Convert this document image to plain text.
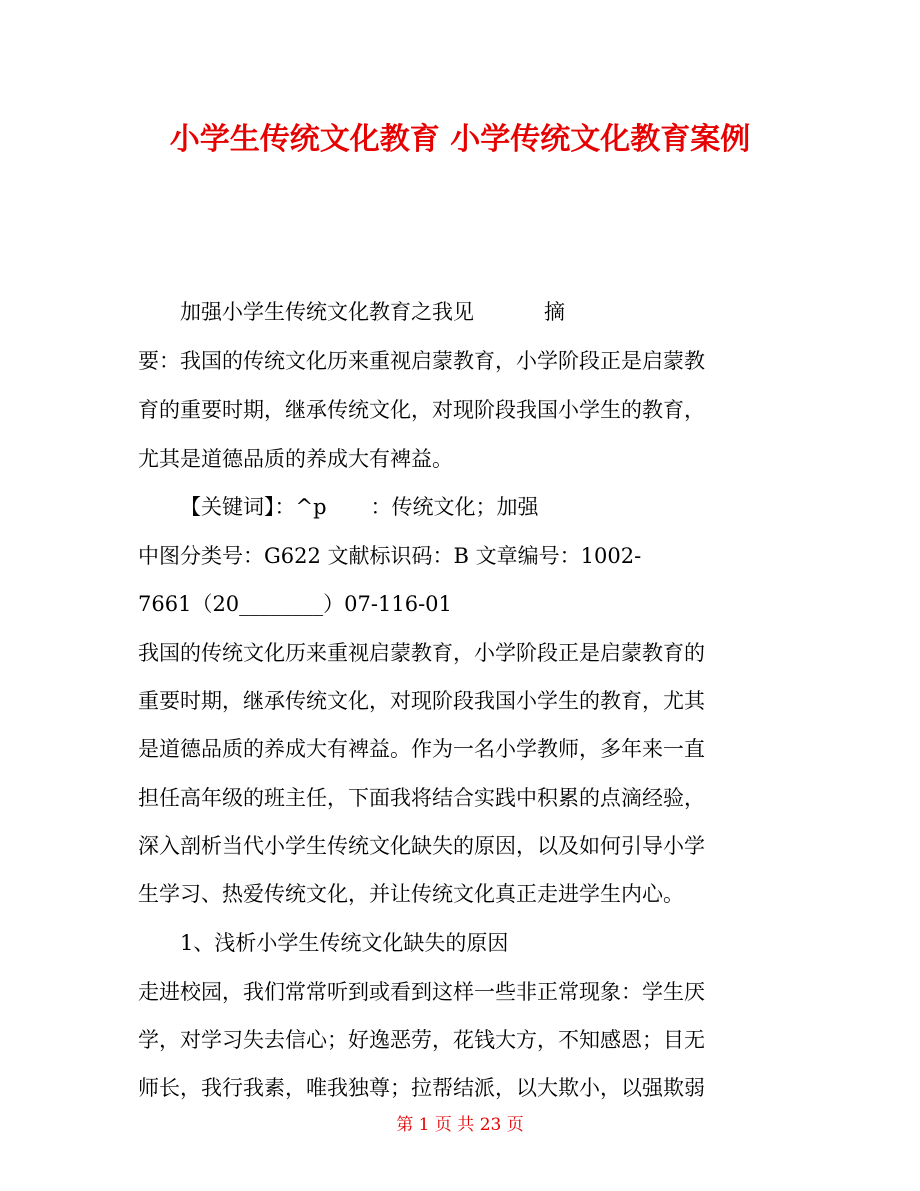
小学生传统文化教育 小学传统文化教育案例
加强小学生传统文化教育之我见	摘
要：我国的传统文化历来重视启蒙教育，小学阶段正是启蒙教
育的重要时期，继承传统文化，对现阶段我国小学生的教育，
尤其是道德品质的养成大有裨益。
【关键词】：^p ：传统文化；加强
中图分类号：G622 文献标识码：B 文章编号：1002-
7661（20________）07-116-01
我国的传统文化历来重视启蒙教育，小学阶段正是启蒙教育的
重要时期，继承传统文化，对现阶段我国小学生的教育，尤其
是道德品质的养成大有裨益。作为一名小学教师，多年来一直
担任高年级的班主任，下面我将结合实践中积累的点滴经验，
深入剖析当代小学生传统文化缺失的原因，以及如何引导小学
生学习、热爱传统文化，并让传统文化真正走进学生内心。
1、浅析小学生传统文化缺失的原因
走进校园，我们常常听到或看到这样一些非正常现象：学生厌
学，对学习失去信心；好逸恶劳，花钱大方，不知感恩；目无
师长，我行我素，唯我独尊；拉帮结派，以大欺小，以强欺弱
第 1 页 共 23 页
